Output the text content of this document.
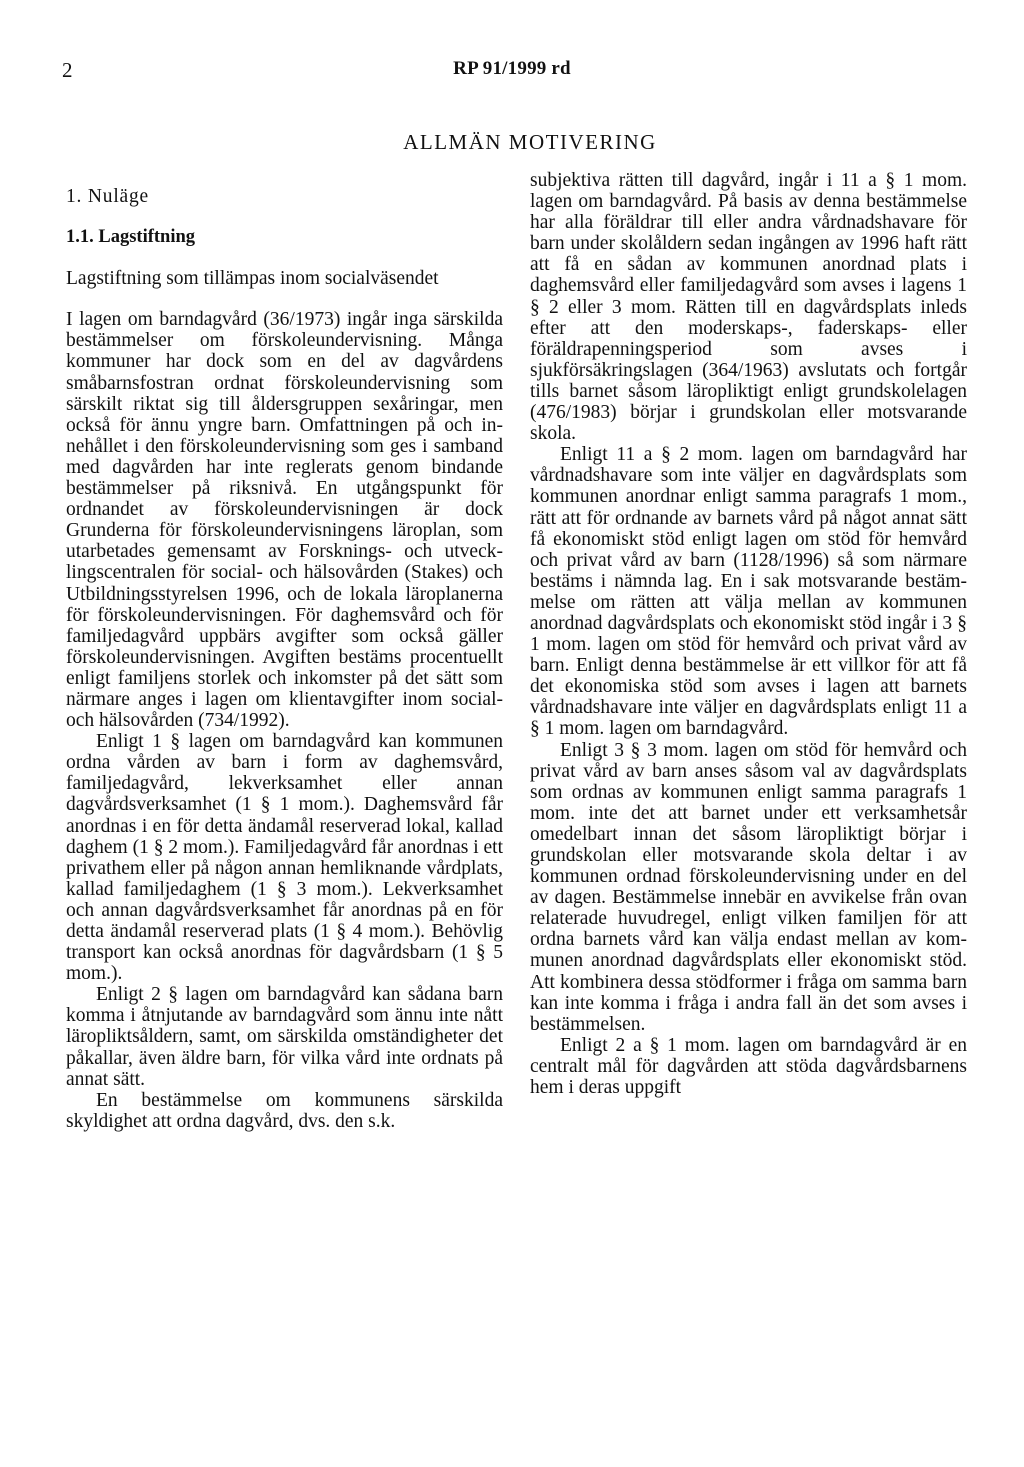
2	RP 91/1999 rd
ALLMÄN MOTIVERING
1. Nuläge
1.1. Lagstiftning
Lagstiftning som tillämpas inom socialväsendet

I lagen om barndagvård (36/1973) ingår inga särskilda bestämmelser om förskoleundervisning. Många kommuner har dock som en del av dagvårdens småbarnsfostran ordnat förskoleundervisning som särskilt riktat sig till åldersgruppen sexåringar, men också för ännu yngre barn. Omfattningen på och innehållet i den förskoleundervisning som ges i samband med dagvården har inte reglerats genom bindande bestämmelser på riksnivå. En utgångspunkt för ordnandet av förskoleundervisningen är dock Grunderna för förskoleundervisningens läroplan, som utarbetades gemensamt av Forsknings- och utvecklingscentralen för social- och hälsovården (Stakes) och Utbildningsstyrelsen 1996, och de lokala läroplanerna för förskoleundervisningen. För daghemsvård och för familjedagvård uppbärs avgifter som också gäller förskoleundervisningen. Avgiften bestäms procentuellt enligt familjens storlek och inkomster på det sätt som närmare anges i lagen om klientavgifter inom social- och hälsovården (734/1992).

Enligt 1 § lagen om barndagvård kan kommunen ordna vården av barn i form av daghemsvård, familjedagvård, lekverksamhet eller annan dagvårdsverksamhet (1 § 1 mom.). Daghemsvård får anordnas i en för detta ändamål reserverad lokal, kallad daghem (1 § 2 mom.). Familjedagvård får anordnas i ett privathem eller på någon annan hemliknande vårdplats, kallad familjedaghem (1 § 3 mom.). Lekverksamhet och annan dagvårdsverksamhet får anordnas på en för detta ändamål reserverad plats (1 § 4 mom.). Behövlig transport kan också anordnas för dagvårdsbarn (1 § 5 mom.).

Enligt 2 § lagen om barndagvård kan sådana barn komma i åtnjutande av barndagvård som ännu inte nått läropliktsåldern, samt, om särskilda omständigheter det påkallar, även äldre barn, för vilka vård inte ordnats på annat sätt.

En bestämmelse om kommunens särskilda skyldighet att ordna dagvård, dvs. den s.k.

subjektiva rätten till dagvård, ingår i 11 a § 1 mom. lagen om barndagvård. På basis av denna bestämmelse har alla föräldrar till eller andra vårdnadshavare för barn under skolåldern sedan ingången av 1996 haft rätt att få en sådan av kommunen anordnad plats i daghemsvård eller familjedagvård som avses i lagens 1 § 2 eller 3 mom. Rätten till en dagvårdsplats inleds efter att den moderskaps-, faderskaps- eller föräldrapenningsperiod som avses i sjukförsäkringslagen (364/1963) avslutats och fortgår tills barnet såsom läropliktigt enligt grundskolelagen (476/1983) börjar i grundskolan eller motsvarande skola.

Enligt 11 a § 2 mom. lagen om barndagvård har vårdnadshavare som inte väljer en dagvårdsplats som kommunen anordnar enligt samma paragrafs 1 mom., rätt att för ordnande av barnets vård på något annat sätt få ekonomiskt stöd enligt lagen om stöd för hemvård och privat vård av barn (1128/1996) så som närmare bestäms i nämnda lag. En i sak motsvarande bestämmelse om rätten att välja mellan av kommunen anordnad dagvårdsplats och ekonomiskt stöd ingår i 3 § 1 mom. lagen om stöd för hemvård och privat vård av barn. Enligt denna bestämmelse är ett villkor för att få det ekonomiska stöd som avses i lagen att barnets vårdnadshavare inte väljer en dagvårdsplats enligt 11 a § 1 mom. lagen om barndagvård.

Enligt 3 § 3 mom. lagen om stöd för hemvård och privat vård av barn anses såsom val av dagvårdsplats som ordnas av kommunen enligt samma paragrafs 1 mom. inte det att barnet under ett verksamhetsår omedelbart innan det såsom läropliktigt börjar i grundskolan eller motsvarande skola deltar i av kommunen ordnad förskoleundervisning under en del av dagen. Bestämmelse innebär en avvikelse från ovan relaterade huvudregel, enligt vilken familjen för att ordna barnets vård kan välja endast mellan av kommunen anordnad dagvårdsplats eller ekonomiskt stöd. Att kombinera dessa stödformer i fråga om samma barn kan inte komma i fråga i andra fall än det som avses i bestämmelsen.

Enligt 2 a § 1 mom. lagen om barndagvård är en centralt mål för dagvården att stöda dagvårdsbarnens hem i deras uppgift
